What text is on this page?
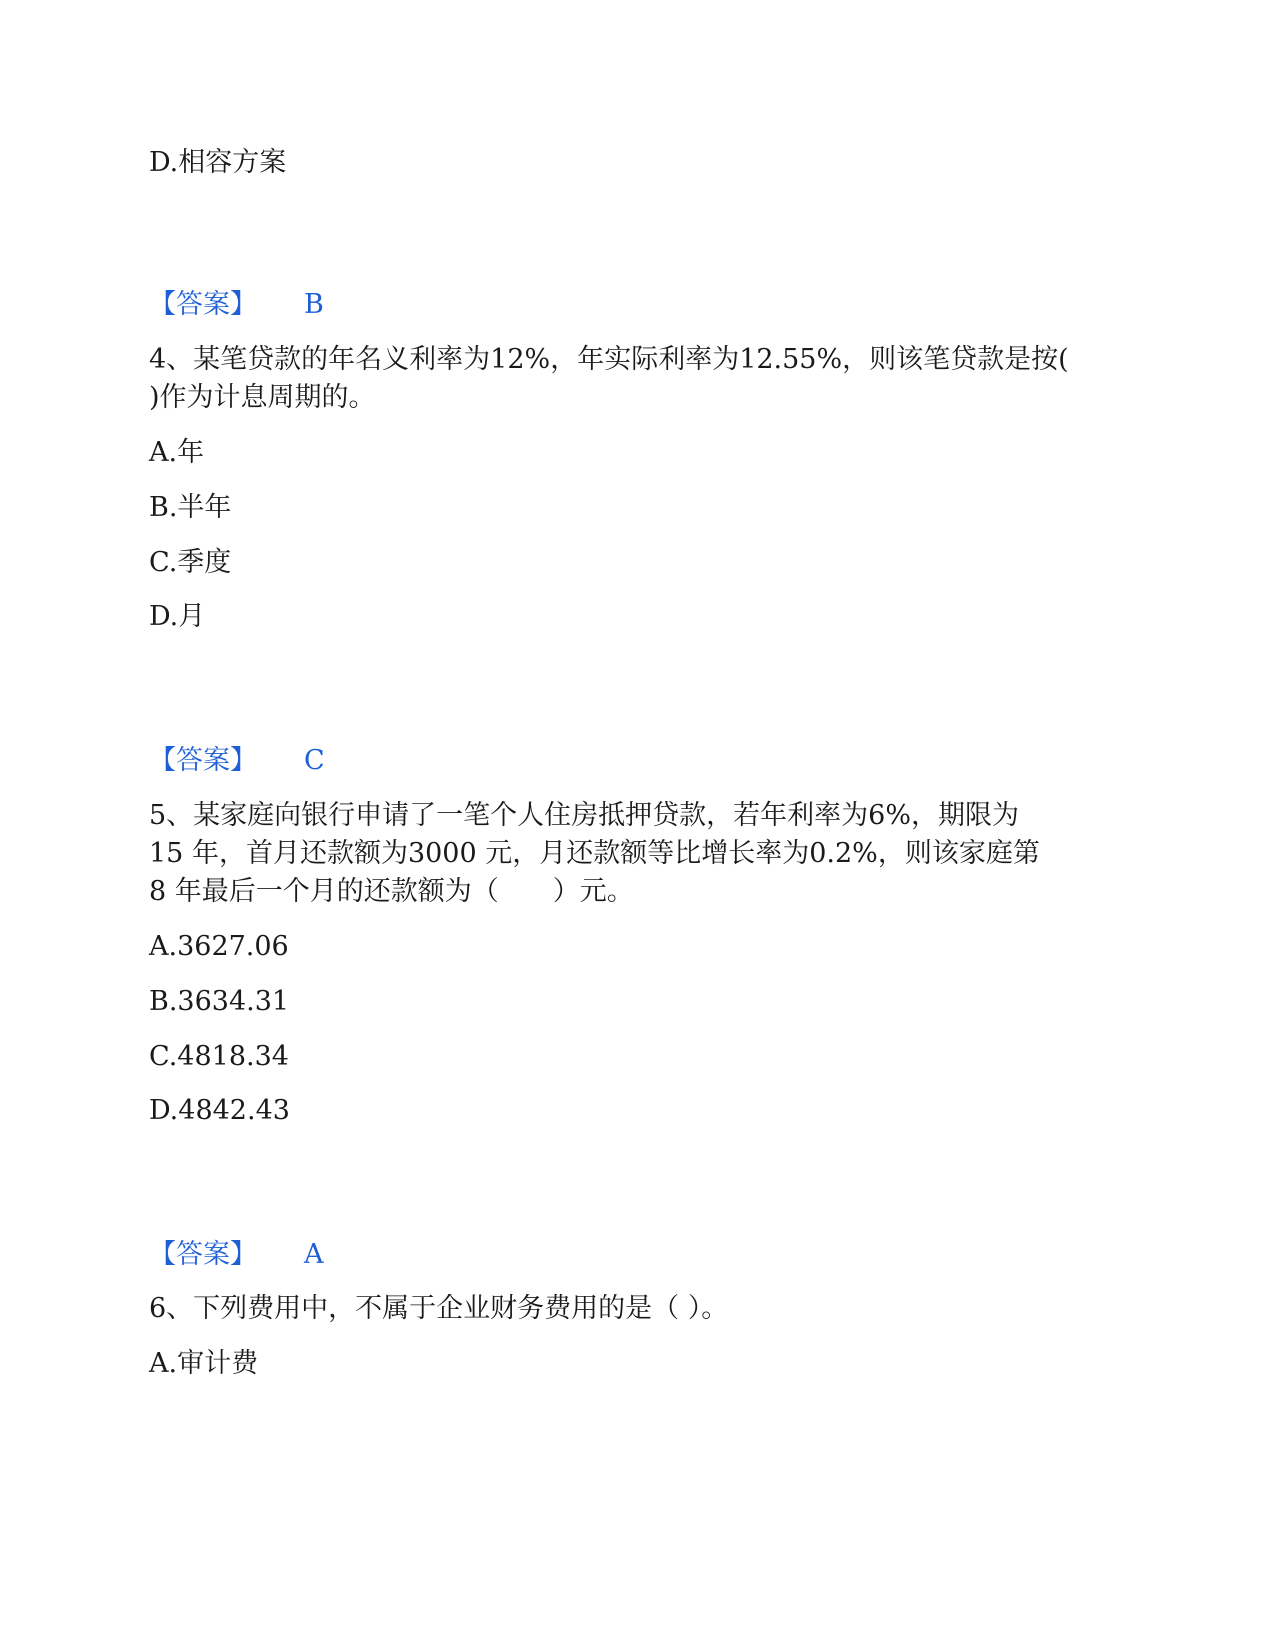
D.相容方案
【答案】 B
4、某笔贷款的年名义利率为12%，年实际利率为12.55%，则该笔贷款是按(
)作为计息周期的。
A.年
B.半年
C.季度
D.月
【答案】 C
5、某家庭向银行申请了一笔个人住房抵押贷款，若年利率为6%，期限为
15 年，首月还款额为3000 元，月还款额等比增长率为0.2%，则该家庭第
8 年最后一个月的还款额为（　　）元。
A.3627.06
B.3634.31
C.4818.34
D.4842.43
【答案】 A
6、下列费用中，不属于企业财务费用的是（ ）。
A.审计费
